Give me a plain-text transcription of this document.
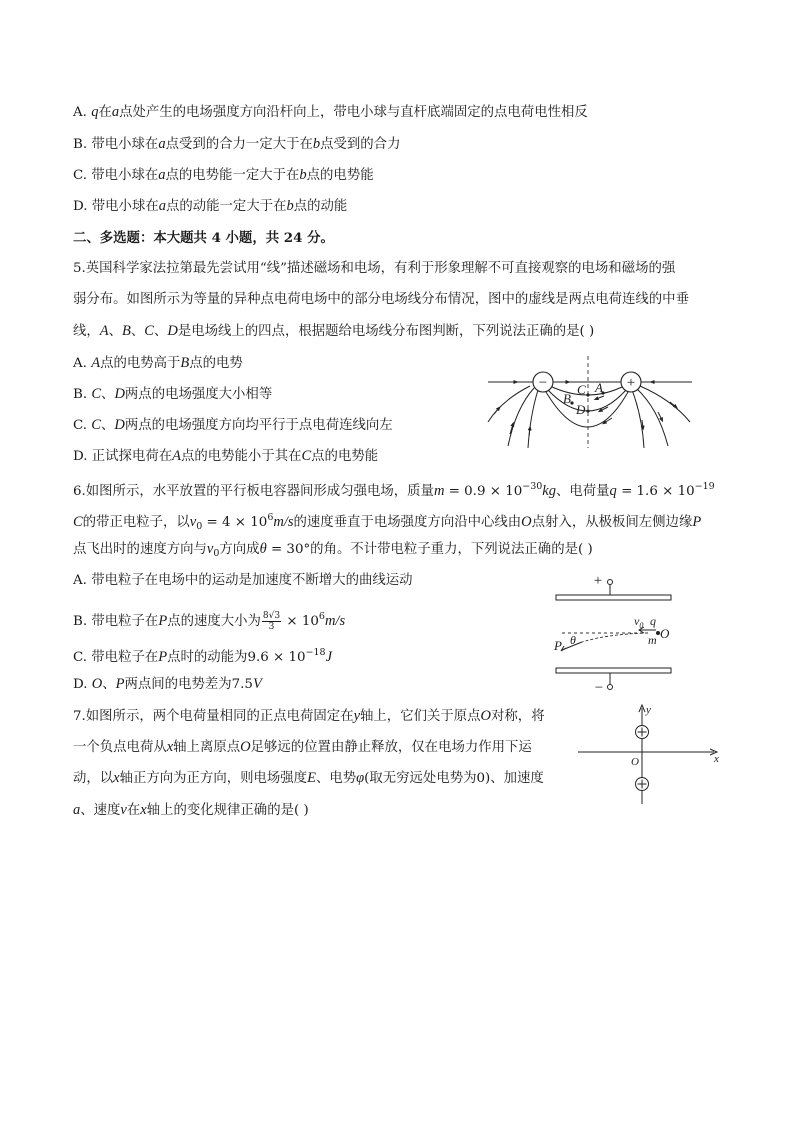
A. q在a点处产生的电场强度方向沿杆向上，带电小球与直杆底端固定的点电荷电性相反
B. 带电小球在a点受到的合力一定大于在b点受到的合力
C. 带电小球在a点的电势能一定大于在b点的电势能
D. 带电小球在a点的动能一定大于在b点的动能
二、多选题：本大题共 4 小题，共 24 分。
5.英国科学家法拉第最先尝试用“线”描述磁场和电场，有利于形象理解不可直接观察的电场和磁场的强
弱分布。如图所示为等量的异种点电荷电场中的部分电场线分布情况，图中的虚线是两点电荷连线的中垂
线，A、B、C、D是电场线上的四点，根据题给电场线分布图判断，下列说法正确的是( )
A. A点的电势高于B点的电势
B. C、D两点的电场强度大小相等
C. C、D两点的电场强度方向均平行于点电荷连线向左
D. 正试探电荷在A点的电势能小于其在C点的电势能
−	+
C A
B
D
6.如图所示，水平放置的平行板电容器间形成匀强电场，质量$m = 0.9 \times 10^{-30}kg$、电荷量$q = 1.6 \times 10^{-19}$
C的带正电粒子，以$v_0 = 4 \times 10^6m/s$的速度垂直于电场强度方向沿中心线由O点射入，从极板间左侧边缘P
点飞出时的速度方向与$v_0$方向成θ = 30°的角。不计带电粒子重力，下列说法正确的是( )
A. 带电粒子在电场中的运动是加速度不断增大的曲线运动
B. 带电粒子在P点的速度大小为 $\frac{8√3}{3} \times 10^6m/s$
C. 带电粒子在P点时的动能为$9.6 \times 10^{-18}J$
D. O、P两点间的电势差为7.5V
+
$v_0$ q
m O
P θ
−
7.如图所示，两个电荷量相同的正点电荷固定在y轴上，它们关于原点O对称，将
一个负点电荷从x轴上离原点O足够远的位置由静止释放，仅在电场力作用下运
动，以x轴正方向为正方向，则电场强度E、电势φ(取无穷远处电势为0)、加速度
a、速度v在x轴上的变化规律正确的是( )
y
x
O
